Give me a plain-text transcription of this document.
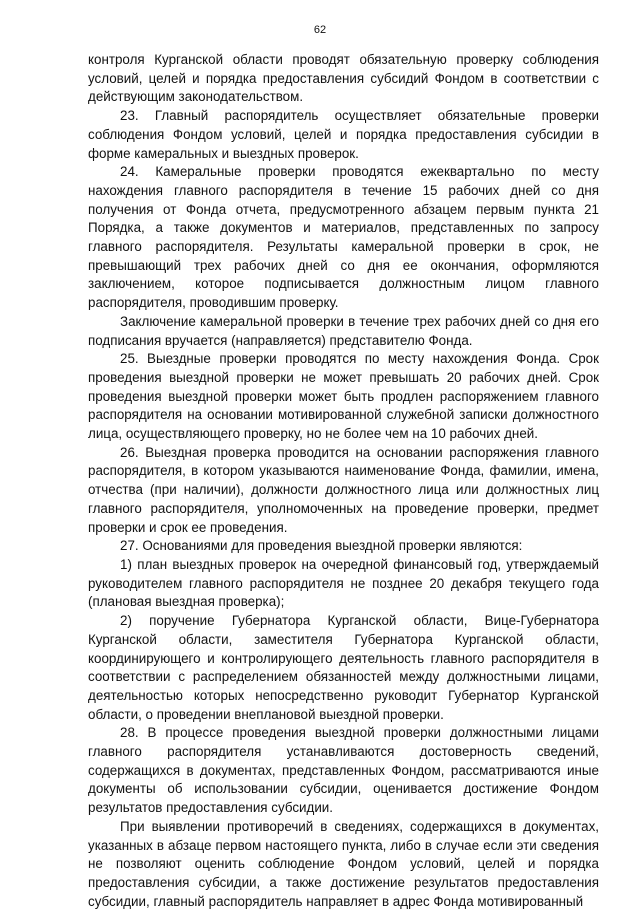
62

контроля Курганской области проводят обязательную проверку соблюдения условий, целей и порядка предоставления субсидий Фондом в соответствии с действующим законодательством.

23. Главный распорядитель осуществляет обязательные проверки соблюдения Фондом условий, целей и порядка предоставления субсидии в форме камеральных и выездных проверок.

24. Камеральные проверки проводятся ежеквартально по месту нахождения главного распорядителя в течение 15 рабочих дней со дня получения от Фонда отчета, предусмотренного абзацем первым пункта 21 Порядка, а также документов и материалов, представленных по запросу главного распорядителя. Результаты камеральной проверки в срок, не превышающий трех рабочих дней со дня ее окончания, оформляются заключением, которое подписывается должностным лицом главного распорядителя, проводившим проверку.

Заключение камеральной проверки в течение трех рабочих дней со дня его подписания вручается (направляется) представителю Фонда.

25. Выездные проверки проводятся по месту нахождения Фонда. Срок проведения выездной проверки не может превышать 20 рабочих дней. Срок проведения выездной проверки может быть продлен распоряжением главного распорядителя на основании мотивированной служебной записки должностного лица, осуществляющего проверку, но не более чем на 10 рабочих дней.

26. Выездная проверка проводится на основании распоряжения главного распорядителя, в котором указываются наименование Фонда, фамилии, имена, отчества (при наличии), должности должностного лица или должностных лиц главного распорядителя, уполномоченных на проведение проверки, предмет проверки и срок ее проведения.

27. Основаниями для проведения выездной проверки являются:

1) план выездных проверок на очередной финансовый год, утверждаемый руководителем главного распорядителя не позднее 20 декабря текущего года (плановая выездная проверка);

2) поручение Губернатора Курганской области, Вице-Губернатора Курганской области, заместителя Губернатора Курганской области, координирующего и контролирующего деятельность главного распорядителя в соответствии с распределением обязанностей между должностными лицами, деятельностью которых непосредственно руководит Губернатор Курганской области, о проведении внеплановой выездной проверки.

28. В процессе проведения выездной проверки должностными лицами главного распорядителя устанавливаются достоверность сведений, содержащихся в документах, представленных Фондом, рассматриваются иные документы об использовании субсидии, оценивается достижение Фондом результатов предоставления субсидии.

При выявлении противоречий в сведениях, содержащихся в документах, указанных в абзаце первом настоящего пункта, либо в случае если эти сведения не позволяют оценить соблюдение Фондом условий, целей и порядка предоставления субсидии, а также достижение результатов предоставления субсидии, главный распорядитель направляет в адрес Фонда мотивированный
